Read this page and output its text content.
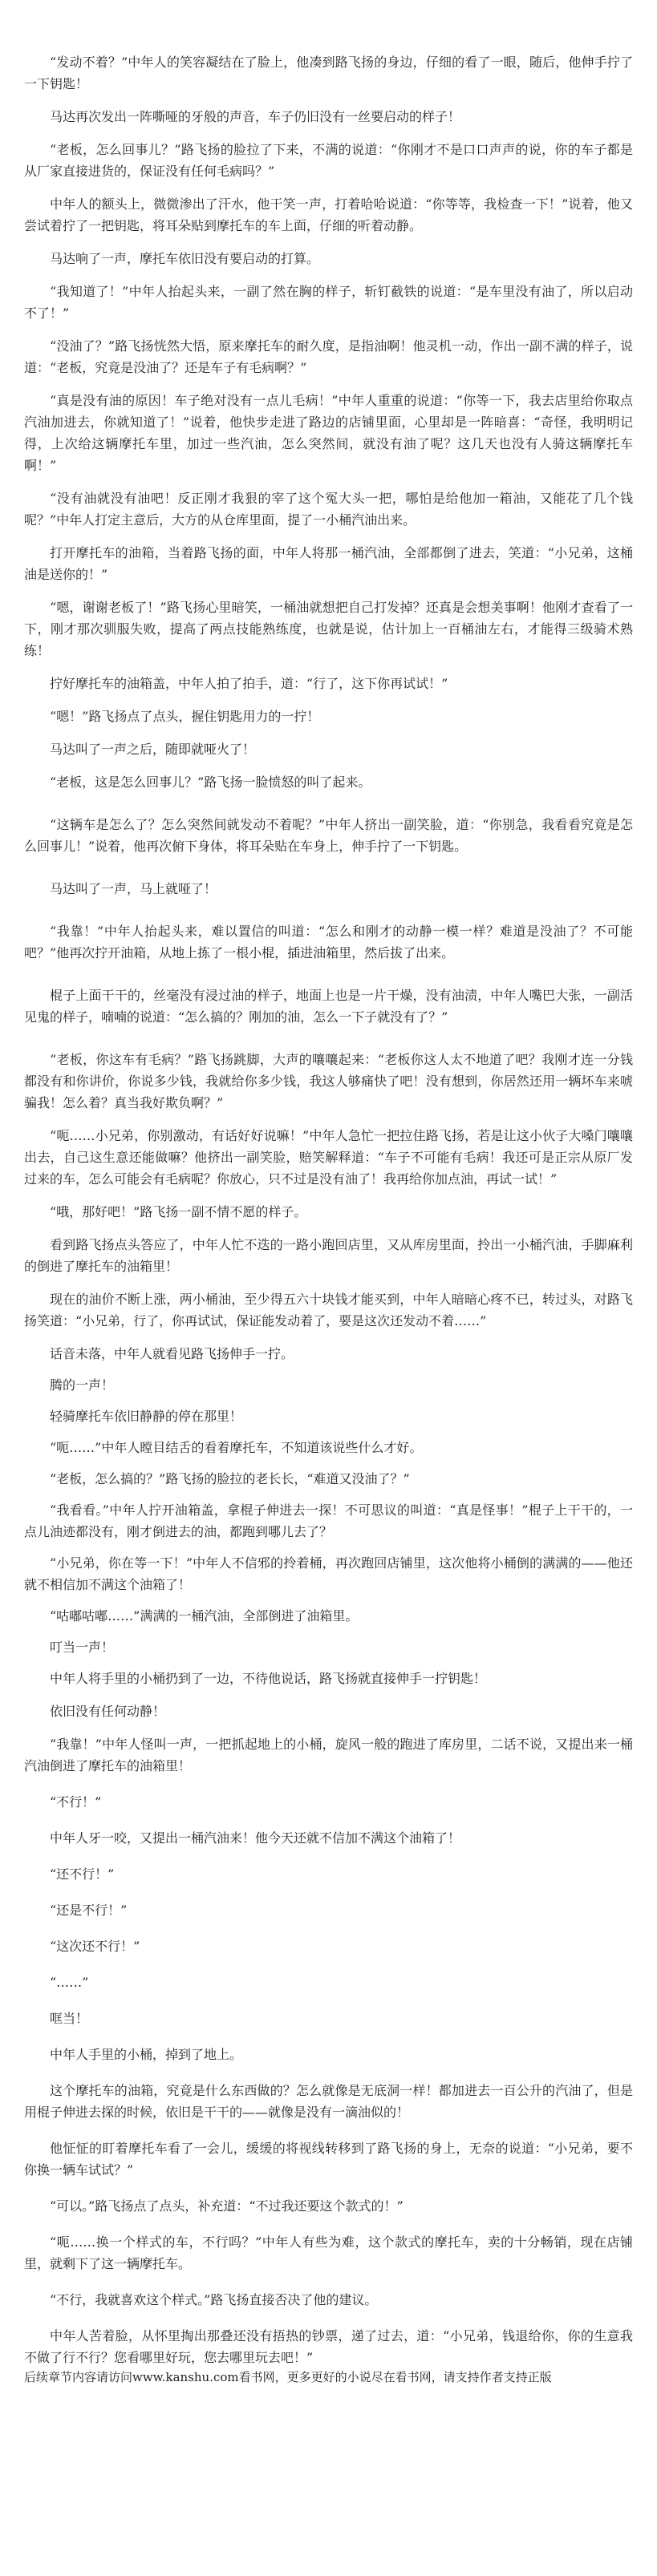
“发动不着？”中年人的笑容凝结在了脸上，他凑到路飞扬的身边，仔细的看了一眼，随后，他伸手拧了一下钥匙！

马达再次发出一阵嘶哑的牙般的声音，车子仍旧没有一丝要启动的样子！

“老板，怎么回事儿？”路飞扬的脸拉了下来，不满的说道：“你刚才不是口口声声的说，你的车子都是从厂家直接进货的，保证没有任何毛病吗？”

中年人的额头上，微微渗出了汗水，他干笑一声，打着哈哈说道：“你等等，我检查一下！”说着，他又尝试着拧了一把钥匙，将耳朵贴到摩托车的车上面，仔细的听着动静。

马达响了一声，摩托车依旧没有要启动的打算。

“我知道了！”中年人抬起头来，一副了然在胸的样子，斩钉截铁的说道：“是车里没有油了，所以启动不了！”

“没油了？”路飞扬恍然大悟，原来摩托车的耐久度，是指油啊！他灵机一动，作出一副不满的样子，说道：“老板，究竟是没油了？还是车子有毛病啊？”

“真是没有油的原因！车子绝对没有一点儿毛病！”中年人重重的说道：“你等一下，我去店里给你取点汽油加进去，你就知道了！”说着，他快步走进了路边的店铺里面，心里却是一阵暗喜：“奇怪，我明明记得，上次给这辆摩托车里，加过一些汽油，怎么突然间，就没有油了呢？这几天也没有人骑这辆摩托车啊！”

“没有油就没有油吧！反正刚才我狠的宰了这个冤大头一把，哪怕是给他加一箱油，又能花了几个钱呢？”中年人打定主意后，大方的从仓库里面，提了一小桶汽油出来。

打开摩托车的油箱，当着路飞扬的面，中年人将那一桶汽油，全部都倒了进去，笑道：“小兄弟，这桶油是送你的！”

“嗯，谢谢老板了！”路飞扬心里暗笑，一桶油就想把自己打发掉？还真是会想美事啊！他刚才查看了一下，刚才那次驯服失败，提高了两点技能熟练度，也就是说，估计加上一百桶油左右，才能得三级骑术熟练！

拧好摩托车的油箱盖，中年人拍了拍手，道：“行了，这下你再试试！”

“嗯！”路飞扬点了点头，握住钥匙用力的一拧！

马达叫了一声之后，随即就哑火了！

“老板，这是怎么回事儿？”路飞扬一脸愤怒的叫了起来。

“这辆车是怎么了？怎么突然间就发动不着呢？”中年人挤出一副笑脸，道：“你别急，我看看究竟是怎么回事儿！”说着，他再次俯下身体，将耳朵贴在车身上，伸手拧了一下钥匙。

马达叫了一声，马上就哑了！

“我靠！”中年人抬起头来，难以置信的叫道：“怎么和刚才的动静一模一样？难道是没油了？不可能吧？”他再次拧开油箱，从地上拣了一根小棍，插进油箱里，然后拔了出来。

棍子上面干干的，丝毫没有浸过油的样子，地面上也是一片干燥，没有油渍，中年人嘴巴大张，一副活见鬼的样子，喃喃的说道：“怎么搞的？刚加的油，怎么一下子就没有了？”

“老板，你这车有毛病？”路飞扬跳脚，大声的嚷嚷起来：“老板你这人太不地道了吧？我刚才连一分钱都没有和你讲价，你说多少钱，我就给你多少钱，我这人够痛快了吧！没有想到，你居然还用一辆坏车来唬骗我！怎么着？真当我好欺负啊？”

“呃……小兄弟，你别激动，有话好好说嘛！”中年人急忙一把拉住路飞扬，若是让这小伙子大嗓门嚷嚷出去，自己这生意还能做嘛？他挤出一副笑脸，赔笑解释道：“车子不可能有毛病！我还可是正宗从原厂发过来的车，怎么可能会有毛病呢？你放心，只不过是没有油了！我再给你加点油，再试一试！”

“哦，那好吧！”路飞扬一副不情不愿的样子。

看到路飞扬点头答应了，中年人忙不迭的一路小跑回店里，又从库房里面，拎出一小桶汽油，手脚麻利的倒进了摩托车的油箱里！

现在的油价不断上涨，两小桶油，至少得五六十块钱才能买到，中年人暗暗心疼不已，转过头，对路飞扬笑道：“小兄弟，行了，你再试试，保证能发动着了，要是这次还发动不着……”

话音未落，中年人就看见路飞扬伸手一拧。

腾的一声！

轻骑摩托车依旧静静的停在那里！

“呃……”中年人瞠目结舌的看着摩托车，不知道该说些什么才好。

“老板，怎么搞的？”路飞扬的脸拉的老长长，“难道又没油了？”

“我看看。”中年人拧开油箱盖，拿棍子伸进去一探！不可思议的叫道：“真是怪事！”棍子上干干的，一点儿油迹都没有，刚才倒进去的油，都跑到哪儿去了？

“小兄弟，你在等一下！”中年人不信邪的拎着桶，再次跑回店铺里，这次他将小桶倒的满满的——他还就不相信加不满这个油箱了！

“咕嘟咕嘟……”满满的一桶汽油，全部倒进了油箱里。

叮当一声！

中年人将手里的小桶扔到了一边，不待他说话，路飞扬就直接伸手一拧钥匙！

依旧没有任何动静！

“我靠！”中年人怪叫一声，一把抓起地上的小桶，旋风一般的跑进了库房里，二话不说，又提出来一桶汽油倒进了摩托车的油箱里！

“不行！”

中年人牙一咬，又提出一桶汽油来！他今天还就不信加不满这个油箱了！

“还不行！”

“还是不行！”

“这次还不行！”

“……”

哐当！

中年人手里的小桶，掉到了地上。

这个摩托车的油箱，究竟是什么东西做的？怎么就像是无底洞一样！都加进去一百公升的汽油了，但是用棍子伸进去探的时候，依旧是干干的——就像是没有一滴油似的！

他怔怔的盯着摩托车看了一会儿，缓缓的将视线转移到了路飞扬的身上，无奈的说道：“小兄弟，要不你换一辆车试试？”

“可以。”路飞扬点了点头，补充道：“不过我还要这个款式的！”

“呃……换一个样式的车，不行吗？”中年人有些为难，这个款式的摩托车，卖的十分畅销，现在店铺里，就剩下了这一辆摩托车。

“不行，我就喜欢这个样式。”路飞扬直接否决了他的建议。

中年人苦着脸，从怀里掏出那叠还没有捂热的钞票，递了过去，道：“小兄弟，钱退给你，你的生意我不做了行不行？您看哪里好玩，您去哪里玩去吧！”

后续章节内容请访问www.kanshu.com看书网，更多更好的小说尽在看书网，请支持作者支持正版
